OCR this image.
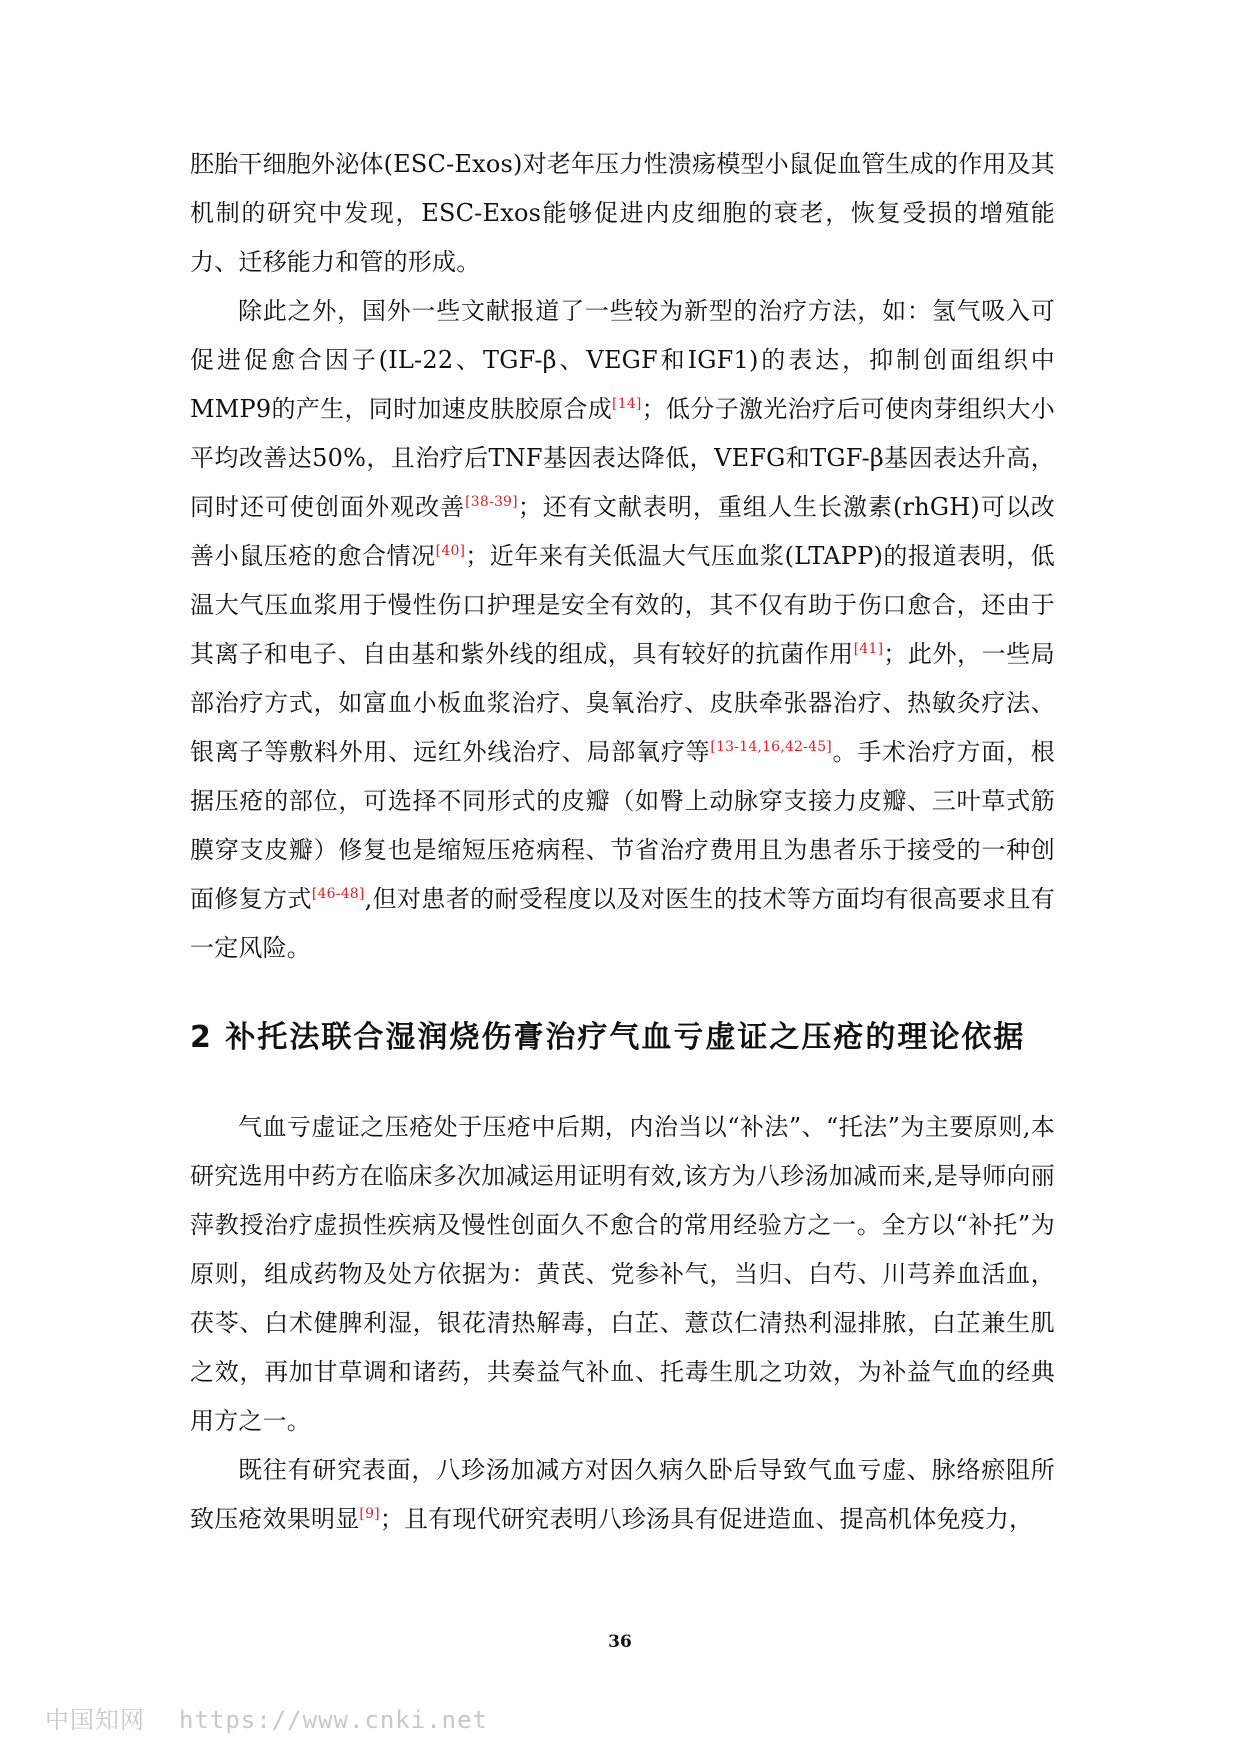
胚胎干细胞外泌体(ESC-Exos)对老年压力性溃疡模型小鼠促血管生成的作用及其机制的研究中发现，ESC-Exos能够促进内皮细胞的衰老，恢复受损的增殖能力、迁移能力和管的形成。

除此之外，国外一些文献报道了一些较为新型的治疗方法，如：氢气吸入可促进促愈合因子(IL-22、TGF-β、VEGF和IGF1)的表达，抑制创面组织中MMP9的产生，同时加速皮肤胶原合成[14]；低分子激光治疗后可使肉芽组织大小平均改善达50%，且治疗后TNF基因表达降低，VEFG和TGF-β基因表达升高，同时还可使创面外观改善[38-39]；还有文献表明，重组人生长激素(rhGH)可以改善小鼠压疮的愈合情况[40]；近年来有关低温大气压血浆(LTAPP)的报道表明，低温大气压血浆用于慢性伤口护理是安全有效的，其不仅有助于伤口愈合，还由于其离子和电子、自由基和紫外线的组成，具有较好的抗菌作用[41]；此外，一些局部治疗方式，如富血小板血浆治疗、臭氧治疗、皮肤牵张器治疗、热敏灸疗法、银离子等敷料外用、远红外线治疗、局部氧疗等[13-14,16,42-45]。手术治疗方面，根据压疮的部位，可选择不同形式的皮瓣（如臀上动脉穿支接力皮瓣、三叶草式筋膜穿支皮瓣）修复也是缩短压疮病程、节省治疗费用且为患者乐于接受的一种创面修复方式[46-48],但对患者的耐受程度以及对医生的技术等方面均有很高要求且有一定风险。

2 补托法联合湿润烧伤膏治疗气血亏虚证之压疮的理论依据

气血亏虚证之压疮处于压疮中后期，内治当以“补法”、“托法”为主要原则,本研究选用中药方在临床多次加减运用证明有效,该方为八珍汤加减而来,是导师向丽萍教授治疗虚损性疾病及慢性创面久不愈合的常用经验方之一。全方以“补托”为原则，组成药物及处方依据为：黄芪、党参补气，当归、白芍、川芎养血活血，茯苓、白术健脾利湿，银花清热解毒，白芷、薏苡仁清热利湿排脓，白芷兼生肌之效，再加甘草调和诸药，共奏益气补血、托毒生肌之功效，为补益气血的经典用方之一。

既往有研究表面，八珍汤加减方对因久病久卧后导致气血亏虚、脉络瘀阻所致压疮效果明显[9]；且有现代研究表明八珍汤具有促进造血、提高机体免疫力，

36
中国知网 https://www.cnki.net
